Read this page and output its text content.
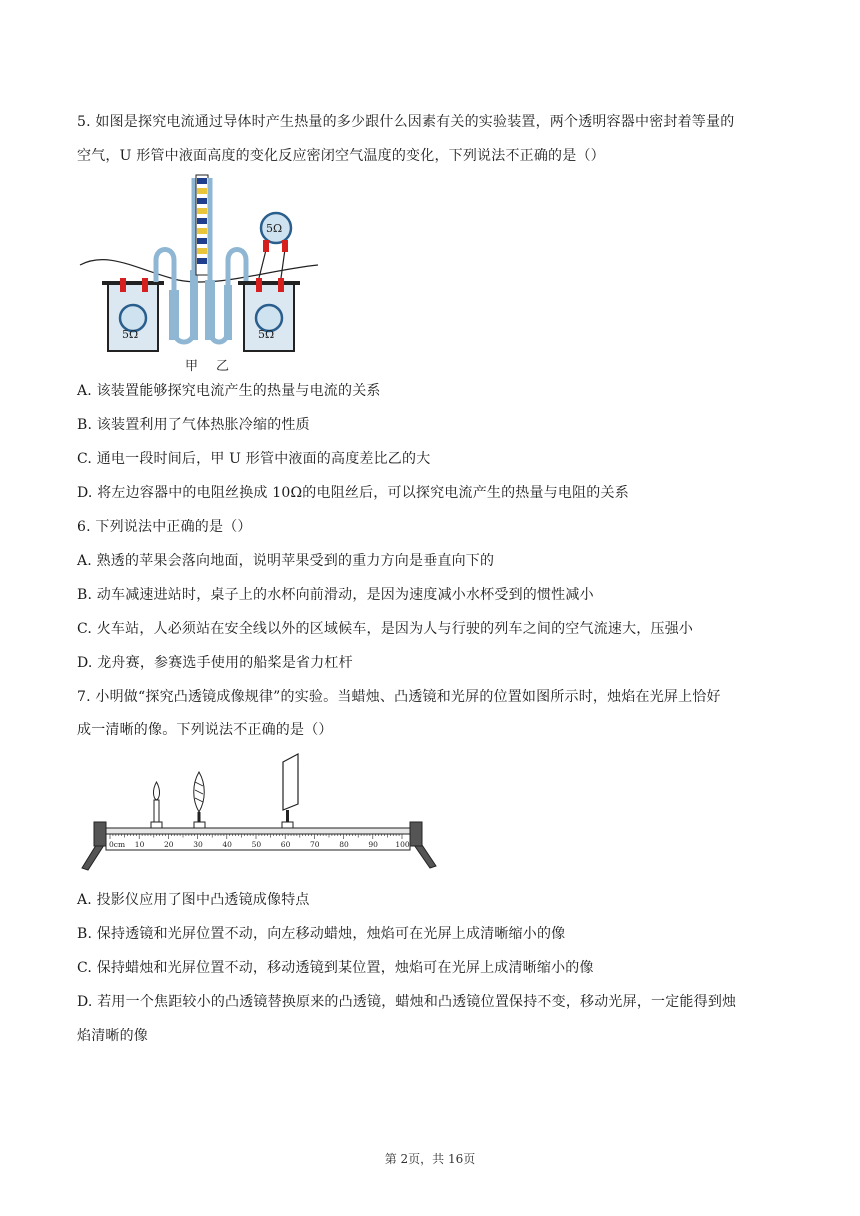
5. 如图是探究电流通过导体时产生热量的多少跟什么因素有关的实验装置，两个透明容器中密封着等量的
空气，U 形管中液面高度的变化反应密闭空气温度的变化，下列说法不正确的是（）
5Ω	5Ω
5Ω
甲 乙
A. 该装置能够探究电流产生的热量与电流的关系
B. 该装置利用了气体热胀冷缩的性质
C. 通电一段时间后，甲 U 形管中液面的高度差比乙的大
D. 将左边容器中的电阻丝换成 10Ω的电阻丝后，可以探究电流产生的热量与电阻的关系
6. 下列说法中正确的是（）
A. 熟透的苹果会落向地面，说明苹果受到的重力方向是垂直向下的
B. 动车减速进站时，桌子上的水杯向前滑动，是因为速度减小水杯受到的惯性减小
C. 火车站，人必须站在安全线以外的区域候车，是因为人与行驶的列车之间的空气流速大，压强小
D. 龙舟赛，参赛选手使用的船桨是省力杠杆
7. 小明做“探究凸透镜成像规律”的实验。当蜡烛、凸透镜和光屏的位置如图所示时，烛焰在光屏上恰好
成一清晰的像。下列说法不正确的是（）
0cm 10	20	30	40	50	60	70	80	90 100
A. 投影仪应用了图中凸透镜成像特点
B. 保持透镜和光屏位置不动，向左移动蜡烛，烛焰可在光屏上成清晰缩小的像
C. 保持蜡烛和光屏位置不动，移动透镜到某位置，烛焰可在光屏上成清晰缩小的像
D. 若用一个焦距较小的凸透镜替换原来的凸透镜，蜡烛和凸透镜位置保持不变，移动光屏，一定能得到烛
焰清晰的像
第 2页，共 16页
